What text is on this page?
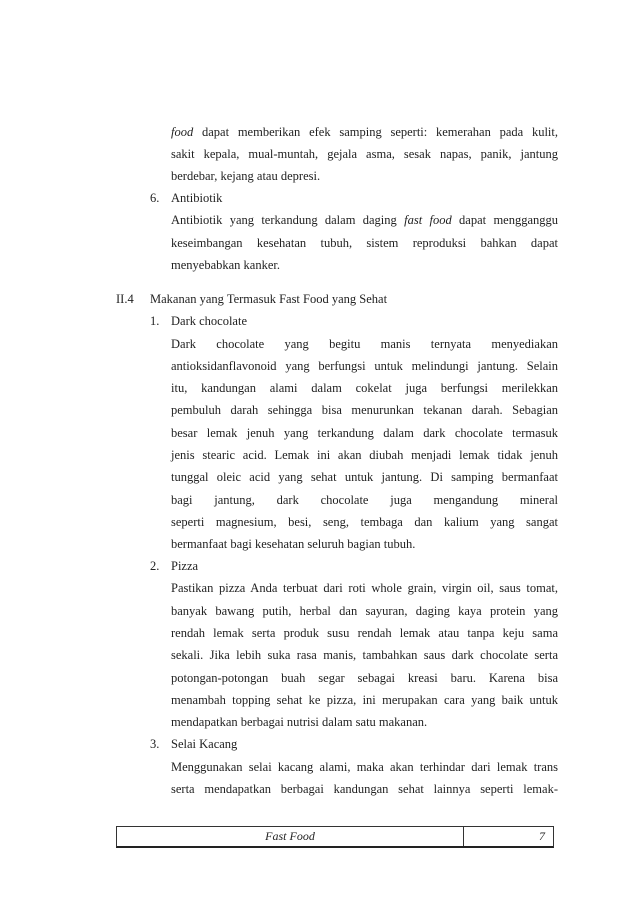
food dapat memberikan efek samping seperti: kemerahan pada kulit,
sakit kepala, mual-muntah, gejala asma, sesak napas, panik, jantung
berdebar, kejang atau depresi.
6. Antibiotik
Antibiotik yang terkandung dalam daging fast food dapat mengganggu
keseimbangan kesehatan tubuh, sistem reproduksi bahkan dapat
menyebabkan kanker.
II.4 Makanan yang Termasuk Fast Food yang Sehat
1. Dark chocolate
Dark chocolate yang begitu manis ternyata menyediakan
antioksidanflavonoid yang berfungsi untuk melindungi jantung. Selain
itu, kandungan alami dalam cokelat juga berfungsi merilekkan
pembuluh darah sehingga bisa menurunkan tekanan darah. Sebagian
besar lemak jenuh yang terkandung dalam dark chocolate termasuk
jenis stearic acid. Lemak ini akan diubah menjadi lemak tidak jenuh
tunggal oleic acid yang sehat untuk jantung. Di samping bermanfaat
bagi jantung, dark chocolate juga mengandung mineral
seperti magnesium, besi, seng, tembaga dan kalium yang sangat
bermanfaat bagi kesehatan seluruh bagian tubuh.
2. Pizza
Pastikan pizza Anda terbuat dari roti whole grain, virgin oil, saus tomat,
banyak bawang putih, herbal dan sayuran, daging kaya protein yang
rendah lemak serta produk susu rendah lemak atau tanpa keju sama
sekali. Jika lebih suka rasa manis, tambahkan saus dark chocolate serta
potongan-potongan buah segar sebagai kreasi baru. Karena bisa
menambah topping sehat ke pizza, ini merupakan cara yang baik untuk
mendapatkan berbagai nutrisi dalam satu makanan.
3. Selai Kacang
Menggunakan selai kacang alami, maka akan terhindar dari lemak trans
serta mendapatkan berbagai kandungan sehat lainnya seperti lemak-
Fast Food	7
